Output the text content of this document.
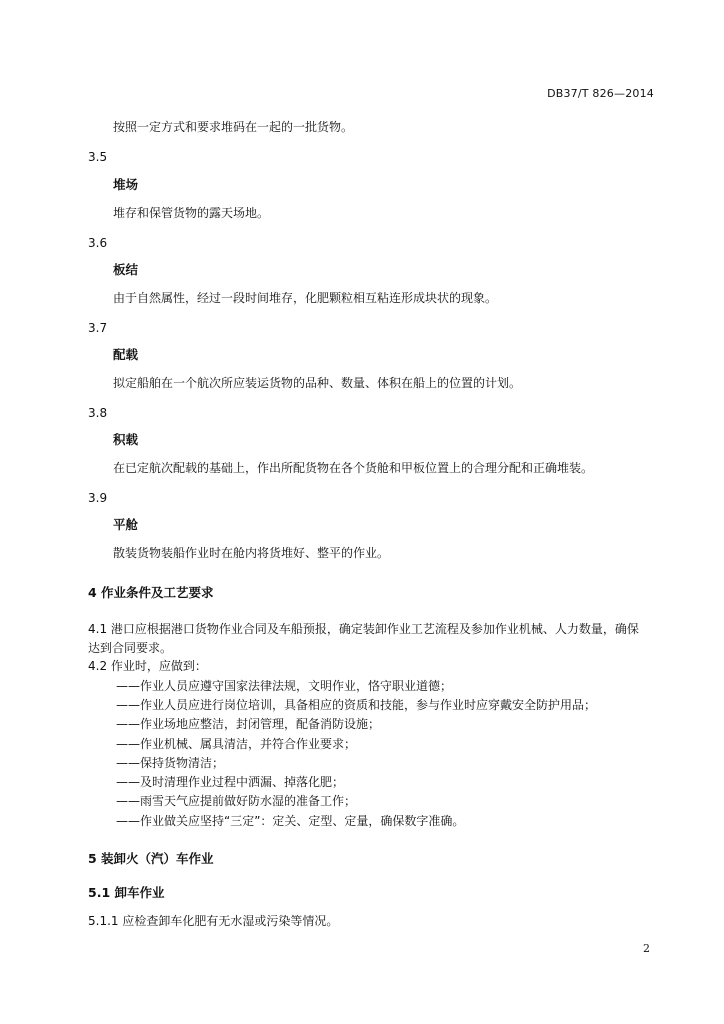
DB37/T 826—2014
按照一定方式和要求堆码在一起的一批货物。
3.5
堆场
堆存和保管货物的露天场地。
3.6
板结
由于自然属性，经过一段时间堆存，化肥颗粒相互粘连形成块状的现象。
3.7
配载
拟定船舶在一个航次所应装运货物的品种、数量、体积在船上的位置的计划。
3.8
积载
在已定航次配载的基础上，作出所配货物在各个货舱和甲板位置上的合理分配和正确堆装。
3.9
平舱
散装货物装船作业时在舱内将货堆好、整平的作业。
4 作业条件及工艺要求
4.1 港口应根据港口货物作业合同及车船预报，确定装卸作业工艺流程及参加作业机械、人力数量，确保达到合同要求。
4.2 作业时，应做到：
——作业人员应遵守国家法律法规，文明作业，恪守职业道德；
——作业人员应进行岗位培训，具备相应的资质和技能，参与作业时应穿戴安全防护用品；
——作业场地应整洁，封闭管理，配备消防设施；
——作业机械、属具清洁，并符合作业要求；
——保持货物清洁；
——及时清理作业过程中洒漏、掉落化肥；
——雨雪天气应提前做好防水湿的准备工作；
——作业做关应坚持“三定”：定关、定型、定量，确保数字准确。
5 装卸火（汽）车作业
5.1 卸车作业
5.1.1 应检查卸车化肥有无水湿或污染等情况。
2
